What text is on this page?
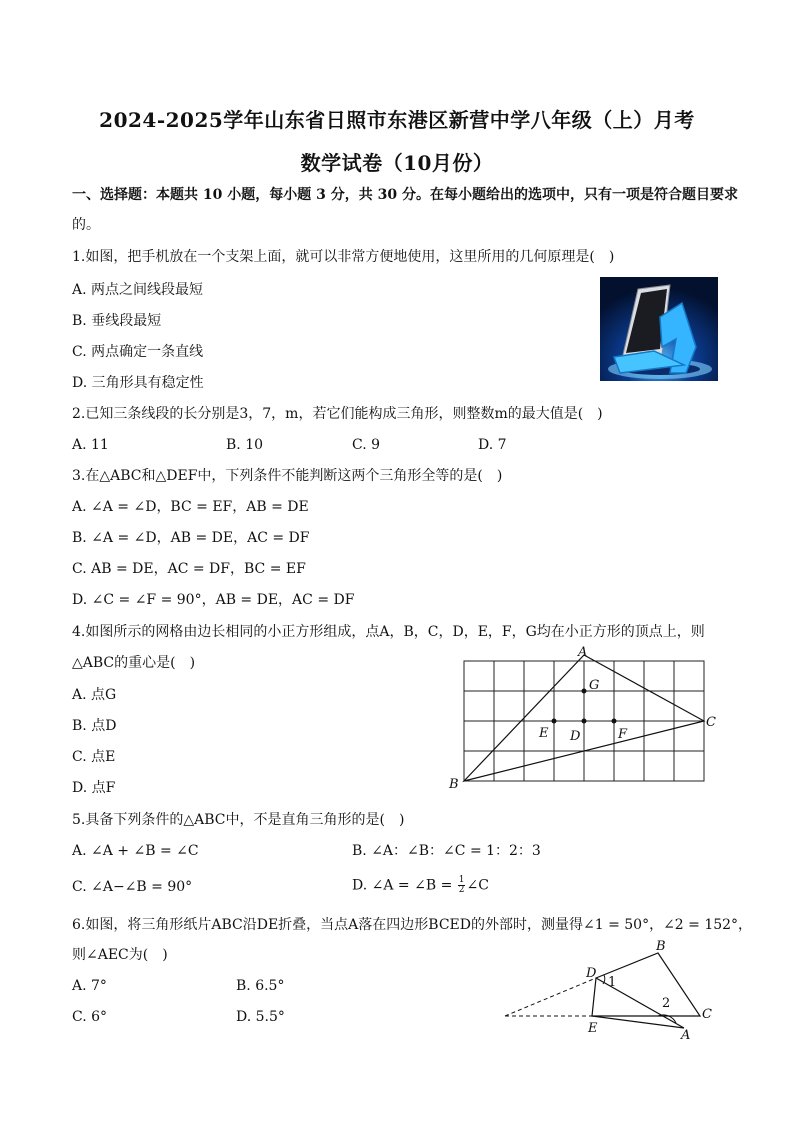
2024-2025学年山东省日照市东港区新营中学八年级（上）月考
数学试卷（10月份）
一、选择题：本题共 10 小题，每小题 3 分，共 30 分。在每小题给出的选项中，只有一项是符合题目要求
的。
1.如图，把手机放在一个支架上面，就可以非常方便地使用，这里所用的几何原理是(　)
A. 两点之间线段最短
B. 垂线段最短
C. 两点确定一条直线
D. 三角形具有稳定性
2.已知三条线段的长分别是3，7，m，若它们能构成三角形，则整数m的最大值是(　)
A. 11	B. 10	C. 9	D. 7
3.在△ABC和△DEF中，下列条件不能判断这两个三角形全等的是(　)
A. ∠A = ∠D，BC = EF，AB = DE
B. ∠A = ∠D，AB = DE，AC = DF
C. AB = DE，AC = DF，BC = EF
D. ∠C = ∠F = 90°，AB = DE，AC = DF
4.如图所示的网格由边长相同的小正方形组成，点A，B，C，D，E，F，G均在小正方形的顶点上，则
△ABC的重心是(　)
A. 点G
B. 点D
C. 点E
D. 点F
A
G
C
E D	F
B
5.具备下列条件的△ABC中，不是直角三角形的是(　)
A. ∠A + ∠B = ∠C	B. ∠A：∠B：∠C = 1：2：3
C. ∠A−∠B = 90°	D. ∠A = ∠B = $\frac{1}{2}$ ∠C
6.如图，将三角形纸片ABC沿DE折叠，当点A落在四边形BCED的外部时，测量得∠1 = 50°，∠2 = 152°，
则∠AEC为(　)
A. 7°	B. 6.5°
C. 6°	D. 5.5°
D
1
B
2
C
E	A
